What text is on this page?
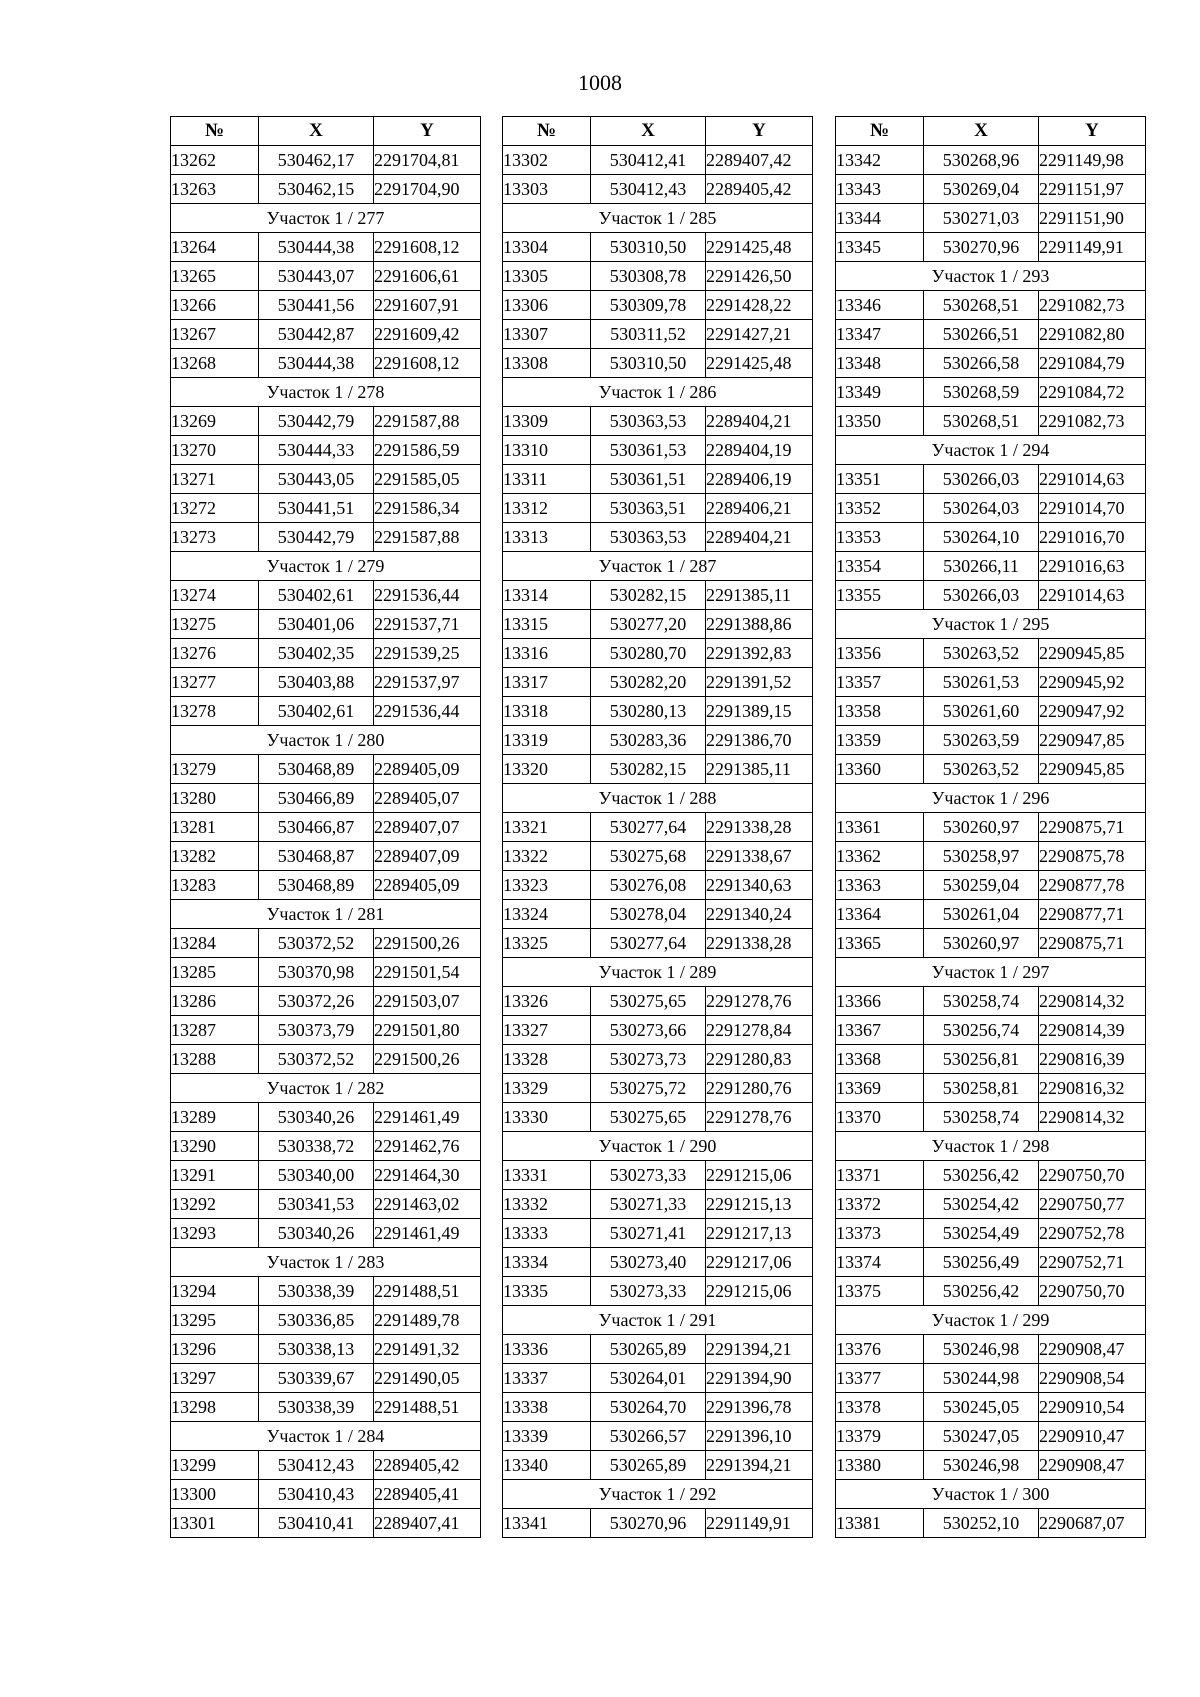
1008
№	X	Y
13262	530462,17	2291704,81
13263	530462,15	2291704,90
Участок 1 / 277		
13264	530444,38	2291608,12
13265	530443,07	2291606,61
13266	530441,56	2291607,91
13267	530442,87	2291609,42
13268	530444,38	2291608,12
Участок 1 / 278		
13269	530442,79	2291587,88
13270	530444,33	2291586,59
13271	530443,05	2291585,05
13272	530441,51	2291586,34
13273	530442,79	2291587,88
Участок 1 / 279		
13274	530402,61	2291536,44
13275	530401,06	2291537,71
13276	530402,35	2291539,25
13277	530403,88	2291537,97
13278	530402,61	2291536,44
Участок 1 / 280		
13279	530468,89	2289405,09
13280	530466,89	2289405,07
13281	530466,87	2289407,07
13282	530468,87	2289407,09
13283	530468,89	2289405,09
Участок 1 / 281		
13284	530372,52	2291500,26
13285	530370,98	2291501,54
13286	530372,26	2291503,07
13287	530373,79	2291501,80
13288	530372,52	2291500,26
Участок 1 / 282		
13289	530340,26	2291461,49
13290	530338,72	2291462,76
13291	530340,00	2291464,30
13292	530341,53	2291463,02
13293	530340,26	2291461,49
Участок 1 / 283		
13294	530338,39	2291488,51
13295	530336,85	2291489,78
13296	530338,13	2291491,32
13297	530339,67	2291490,05
13298	530338,39	2291488,51
Участок 1 / 284		
13299	530412,43	2289405,42
13300	530410,43	2289405,41
13301	530410,41	2289407,41
№	X	Y
13302	530412,41	2289407,42
13303	530412,43	2289405,42
Участок 1 / 285		
13304	530310,50	2291425,48
13305	530308,78	2291426,50
13306	530309,78	2291428,22
13307	530311,52	2291427,21
13308	530310,50	2291425,48
Участок 1 / 286		
13309	530363,53	2289404,21
13310	530361,53	2289404,19
13311	530361,51	2289406,19
13312	530363,51	2289406,21
13313	530363,53	2289404,21
Участок 1 / 287		
13314	530282,15	2291385,11
13315	530277,20	2291388,86
13316	530280,70	2291392,83
13317	530282,20	2291391,52
13318	530280,13	2291389,15
13319	530283,36	2291386,70
13320	530282,15	2291385,11
Участок 1 / 288		
13321	530277,64	2291338,28
13322	530275,68	2291338,67
13323	530276,08	2291340,63
13324	530278,04	2291340,24
13325	530277,64	2291338,28
Участок 1 / 289		
13326	530275,65	2291278,76
13327	530273,66	2291278,84
13328	530273,73	2291280,83
13329	530275,72	2291280,76
13330	530275,65	2291278,76
Участок 1 / 290		
13331	530273,33	2291215,06
13332	530271,33	2291215,13
13333	530271,41	2291217,13
13334	530273,40	2291217,06
13335	530273,33	2291215,06
Участок 1 / 291		
13336	530265,89	2291394,21
13337	530264,01	2291394,90
13338	530264,70	2291396,78
13339	530266,57	2291396,10
13340	530265,89	2291394,21
Участок 1 / 292		
13341	530270,96	2291149,91
№	X	Y
13342	530268,96	2291149,98
13343	530269,04	2291151,97
13344	530271,03	2291151,90
13345	530270,96	2291149,91
Участок 1 / 293		
13346	530268,51	2291082,73
13347	530266,51	2291082,80
13348	530266,58	2291084,79
13349	530268,59	2291084,72
13350	530268,51	2291082,73
Участок 1 / 294		
13351	530266,03	2291014,63
13352	530264,03	2291014,70
13353	530264,10	2291016,70
13354	530266,11	2291016,63
13355	530266,03	2291014,63
Участок 1 / 295		
13356	530263,52	2290945,85
13357	530261,53	2290945,92
13358	530261,60	2290947,92
13359	530263,59	2290947,85
13360	530263,52	2290945,85
Участок 1 / 296		
13361	530260,97	2290875,71
13362	530258,97	2290875,78
13363	530259,04	2290877,78
13364	530261,04	2290877,71
13365	530260,97	2290875,71
Участок 1 / 297		
13366	530258,74	2290814,32
13367	530256,74	2290814,39
13368	530256,81	2290816,39
13369	530258,81	2290816,32
13370	530258,74	2290814,32
Участок 1 / 298		
13371	530256,42	2290750,70
13372	530254,42	2290750,77
13373	530254,49	2290752,78
13374	530256,49	2290752,71
13375	530256,42	2290750,70
Участок 1 / 299		
13376	530246,98	2290908,47
13377	530244,98	2290908,54
13378	530245,05	2290910,54
13379	530247,05	2290910,47
13380	530246,98	2290908,47
Участок 1 / 300		
13381	530252,10	2290687,07
